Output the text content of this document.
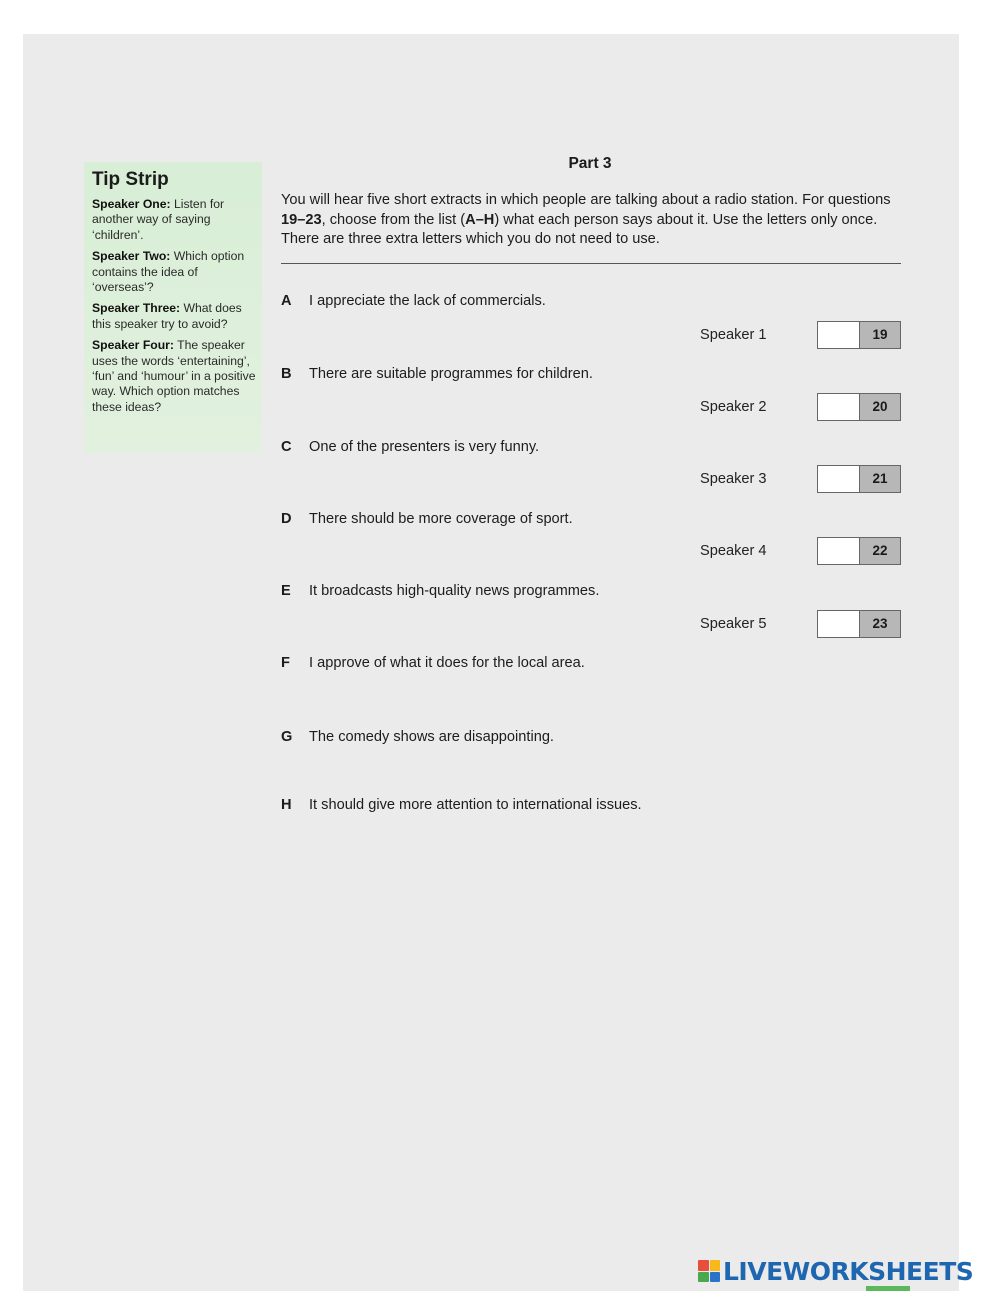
Tip Strip
Speaker One: Listen for another way of saying ‘children’.
Speaker Two: Which option contains the idea of ‘overseas’?
Speaker Three: What does this speaker try to avoid?
Speaker Four: The speaker uses the words ‘entertaining’, ‘fun’ and ‘humour’ in a positive way. Which option matches these ideas?
Part 3
You will hear five short extracts in which people are talking about a radio station. For questions 19–23, choose from the list (A–H) what each person says about it. Use the letters only once. There are three extra letters which you do not need to use.
A I appreciate the lack of commercials.
B There are suitable programmes for children.
C One of the presenters is very funny.
D There should be more coverage of sport.
E It broadcasts high-quality news programmes.
F I approve of what it does for the local area.
G The comedy shows are disappointing.
H It should give more attention to international issues.
Speaker 1	19
Speaker 2	20
Speaker 3	21
Speaker 4	22
Speaker 5	23
LIVEWORKSHEETS
